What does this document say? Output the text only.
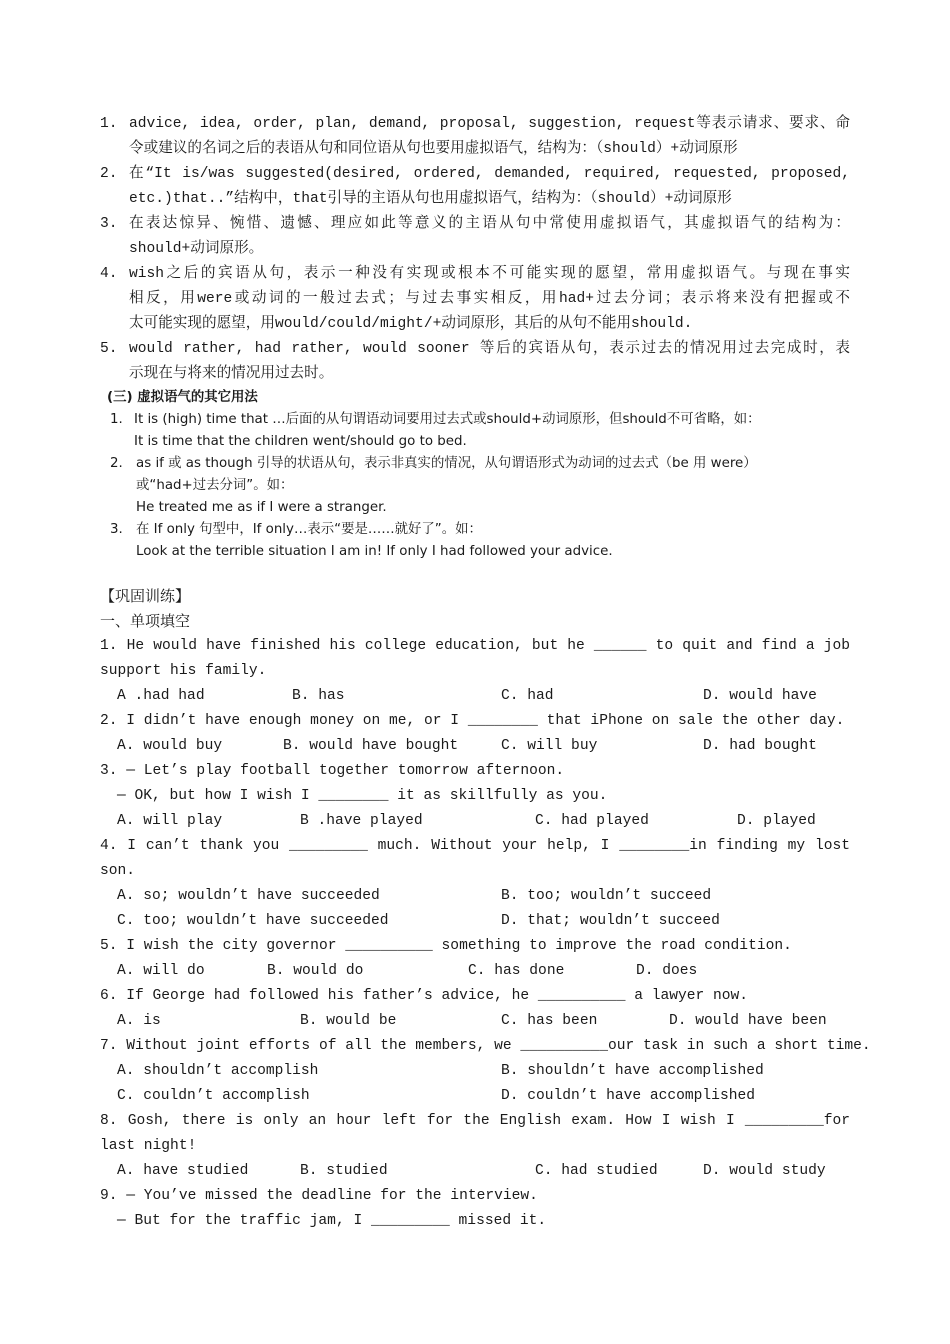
1. advice, idea, order, plan, demand, proposal, suggestion, request等表示请求、要求、命
令或建议的名词之后的表语从句和同位语从句也要用虚拟语气，结构为：（should）+动词原形
2. 在“It is/was suggested(desired, ordered, demanded, required, requested, proposed,
etc.)that..”结构中，that引导的主语从句也用虚拟语气，结构为：（should）+动词原形
3. 在表达惊异、惋惜、遗憾、理应如此等意义的主语从句中常使用虚拟语气，其虚拟语气的结构为：
should+动词原形。
4. wish之后的宾语从句，表示一种没有实现或根本不可能实现的愿望，常用虚拟语气。与现在事实
相反，用were或动词的一般过去式；与过去事实相反，用had+过去分词；表示将来没有把握或不
太可能实现的愿望，用would/could/might/+动词原形，其后的从句不能用should.
5. would rather, had rather, would sooner 等后的宾语从句，表示过去的情况用过去完成时，表
示现在与将来的情况用过去时。
(三) 虚拟语气的其它用法
1. It is (high) time that …后面的从句谓语动词要用过去式或should+动词原形，但should不可省略，如：
It is time that the children went/should go to bed.
2. as if 或 as though 引导的状语从句，表示非真实的情况，从句谓语形式为动词的过去式（be 用 were）
或“had+过去分词”。如：
He treated me as if I were a stranger.
3. 在 If only 句型中，If only…表示“要是……就好了”。如：
Look at the terrible situation I am in! If only I had followed your advice.
【巩固训练】
一、单项填空
1. He would have finished his college education, but he ______ to quit and find a job
support his family.
A .had had	B. has	C. had	D. would have
2. I didn’t have enough money on me, or I ________ that iPhone on sale the other day.
A. would buy	B. would have bought	C. will buy	D. had bought
3. — Let’s play football together tomorrow afternoon.
— OK, but how I wish I ________ it as skillfully as you.
A. will play	B .have played	C. had played	D. played
4. I can’t thank you _________ much. Without your help, I ________in finding my lost
son.
A. so; wouldn’t have succeeded	B. too; wouldn’t succeed
C. too; wouldn’t have succeeded	D. that; wouldn’t succeed
5. I wish the city governor __________ something to improve the road condition.
A. will do	B. would do	C. has done	D. does
6. If George had followed his father’s advice, he __________ a lawyer now.
A. is	B. would be	C. has been	D. would have been
7. Without joint efforts of all the members, we __________our task in such a short time.
A. shouldn’t accomplish	B. shouldn’t have accomplished
C. couldn’t accomplish	D. couldn’t have accomplished
8. Gosh, there is only an hour left for the English exam. How I wish I _________for
last night!
A. have studied	B. studied	C. had studied	D. would study
9. — You’ve missed the deadline for the interview.
— But for the traffic jam, I _________ missed it.
